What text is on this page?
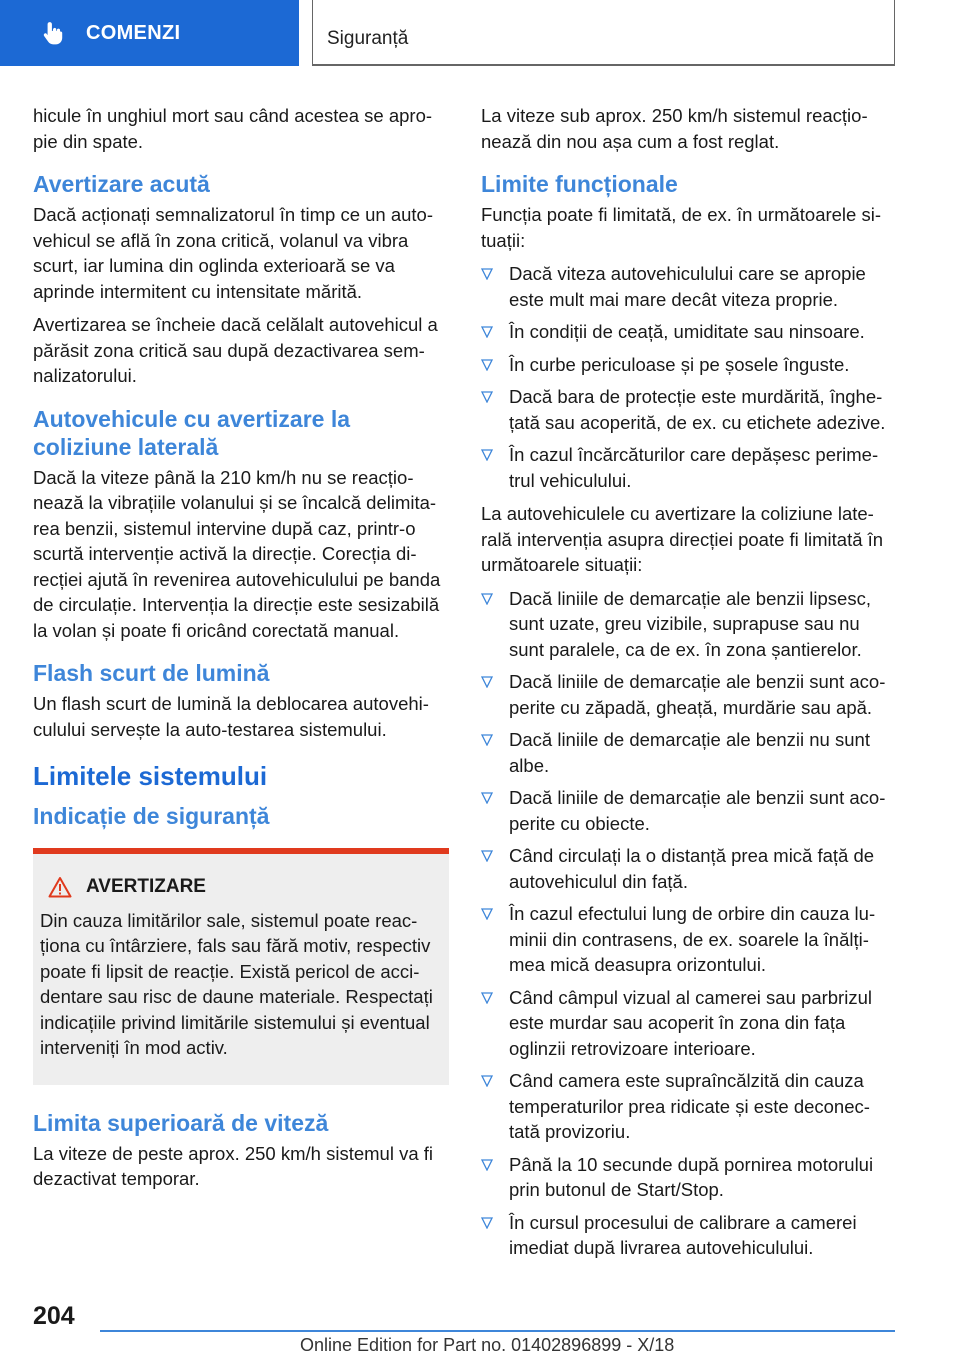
COMENZI	Siguranță

hicule în unghiul mort sau când acestea se apro-pie din spate.

Avertizare acută

Dacă acționați semnalizatorul în timp ce un auto-vehicul se află în zona critică, volanul va vibra scurt, iar lumina din oglinda exterioară se va aprinde intermitent cu intensitate mărită.

Avertizarea se încheie dacă celălalt autovehicul a părăsit zona critică sau după dezactivarea sem-nalizatorului.

Autovehicule cu avertizare la coliziune laterală

Dacă la viteze până la 210 km/h nu se reacțio-nează la vibrațiile volanului și se încalcă delimita-rea benzii, sistemul intervine după caz, printr-o scurtă intervenție activă la direcție. Corecția di-recției ajută în revenirea autovehiculului pe banda de circulație. Intervenția la direcție este sesizabilă la volan și poate fi oricând corectată manual.

Flash scurt de lumină

Un flash scurt de lumină la deblocarea autovehi-culului servește la auto-testarea sistemului.

Limitele sistemului
Indicație de siguranță
AVERTIZARE
Din cauza limitărilor sale, sistemul poate reac-ționa cu întârziere, fals sau fără motiv, respectiv poate fi lipsit de reacție. Există pericol de acci-dentare sau risc de daune materiale. Respectați indicațiile privind limitările sistemului și eventual interveniți în mod activ.
Limita superioară de viteză

La viteze de peste aprox. 250 km/h sistemul va fi dezactivat temporar.

La viteze sub aprox. 250 km/h sistemul reacțio-nează din nou așa cum a fost reglat.

Limite funcționale

Funcția poate fi limitată, de ex. în următoarele si-tuații:

Dacă viteza autovehiculului care se apropie este mult mai mare decât viteza proprie.
În condiții de ceață, umiditate sau ninsoare.
În curbe periculoase și pe șosele înguste.
Dacă bara de protecție este murdărită, înghe-țată sau acoperită, de ex. cu etichete adezive.
În cazul încărcăturilor care depășesc perime-trul vehiculului.

La autovehiculele cu avertizare la coliziune late-rală intervenția asupra direcției poate fi limitată în următoarele situații:

Dacă liniile de demarcație ale benzii lipsesc, sunt uzate, greu vizibile, suprapuse sau nu sunt paralele, ca de ex. în zona șantierelor.
Dacă liniile de demarcație ale benzii sunt aco-perite cu zăpadă, gheață, murdărie sau apă.
Dacă liniile de demarcație ale benzii nu sunt albe.
Dacă liniile de demarcație ale benzii sunt aco-perite cu obiecte.
Când circulați la o distanță prea mică față de autovehiculul din față.
În cazul efectului lung de orbire din cauza lu-minii din contrasens, de ex. soarele la înălți-mea mică deasupra orizontului.
Când câmpul vizual al camerei sau parbrizul este murdar sau acoperit în zona din fața oglinzii retrovizoare interioare.
Când camera este supraîncălzită din cauza temperaturilor prea ridicate și este deconec-tată provizoriu.
Până la 10 secunde după pornirea motorului prin butonul de Start/Stop.
În cursul procesului de calibrare a camerei imediat după livrarea autovehiculului.
204
Online Edition for Part no. 01402896899 - X/18
